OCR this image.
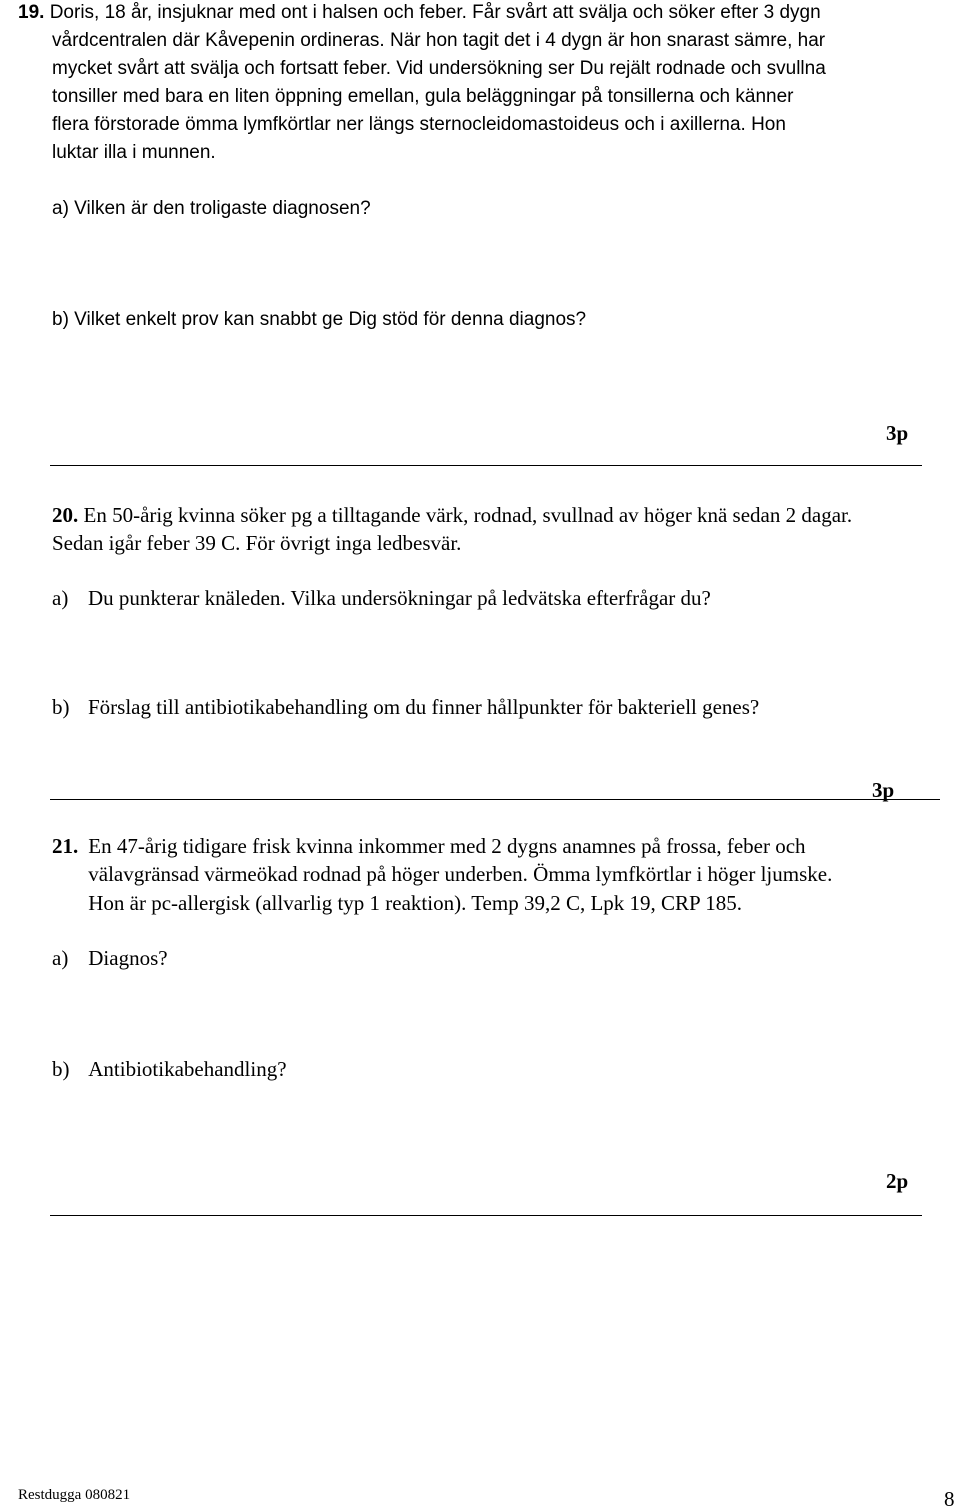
19. Doris, 18 år, insjuknar med ont i halsen och feber. Får svårt att svälja och söker efter 3 dygn
vårdcentralen där Kåvepenin ordineras. När hon tagit det i 4 dygn är hon snarast sämre, har
mycket svårt att svälja och fortsatt feber. Vid undersökning ser Du rejält rodnade och svullna
tonsiller med bara en liten öppning emellan, gula beläggningar på tonsillerna och känner
flera förstorade ömma lymfkörtlar ner längs sternocleidomastoideus och i axillerna. Hon
luktar illa i munnen.
a) Vilken är den troligaste diagnosen?
b) Vilket enkelt prov kan snabbt ge Dig stöd för denna diagnos?
3p
20. En 50-årig kvinna söker pg a tilltagande värk, rodnad, svullnad av höger knä sedan 2 dagar.
Sedan igår feber 39 C. För övrigt inga ledbesvär.
a) Du punkterar knäleden. Vilka undersökningar på ledvätska efterfrågar du?
b) Förslag till antibiotikabehandling om du finner hållpunkter för bakteriell genes?
3p
21. En 47-årig tidigare frisk kvinna inkommer med 2 dygns anamnes på frossa, feber och
välavgränsad värmeökad rodnad på höger underben. Ömma lymfkörtlar i höger ljumske.
Hon är pc-allergisk (allvarlig typ 1 reaktion). Temp 39,2 C, Lpk 19, CRP 185.
a) Diagnos?
b) Antibiotikabehandling?
2p
Restdugga 080821	8
